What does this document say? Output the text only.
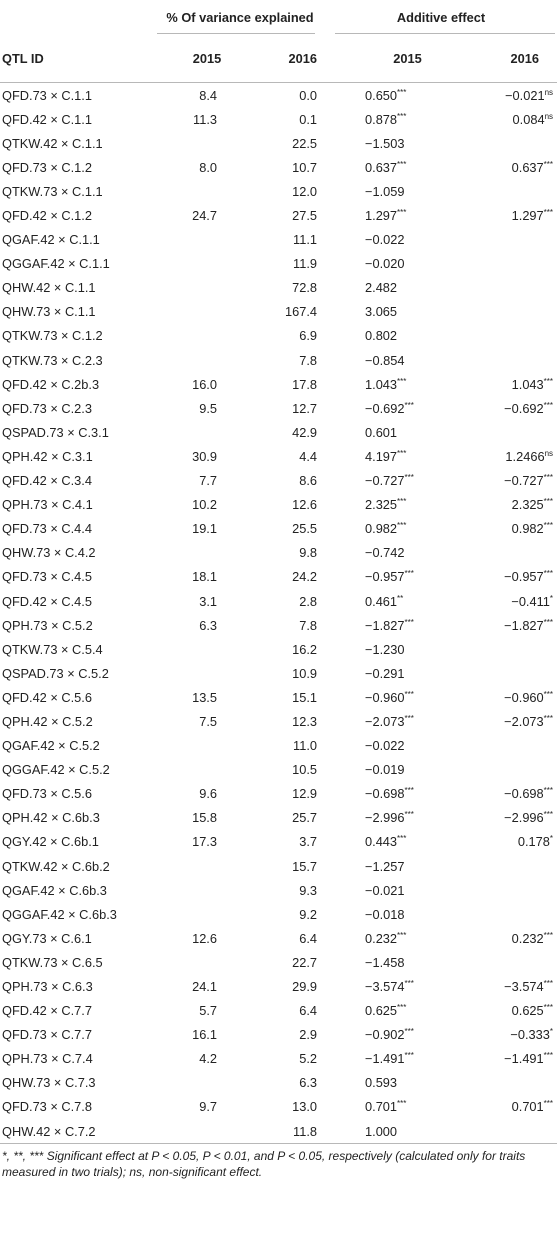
	% Of variance explained		Additive effect	
QTL ID	2015	2016	2015	2016
QFD.73 × C.1.1	8.4	0.0	0.650***	$-0.021^{ns}$
QFD.42 × C.1.1	11.3	0.1	0.878***	$0.084^{ns}$
QTKW.42 × C.1.1		22.5	−1.503	
QFD.73 × C.1.2	8.0	10.7	0.637***	0.637***
QTKW.73 × C.1.1		12.0	−1.059	
QFD.42 × C.1.2	24.7	27.5	1.297***	1.297***
QGAF.42 × C.1.1		11.1	−0.022	
QGGAF.42 × C.1.1		11.9	−0.020	
QHW.42 × C.1.1		72.8	2.482	
QHW.73 × C.1.1		167.4	3.065	
QTKW.73 × C.1.2		6.9	0.802	
QTKW.73 × C.2.3		7.8	−0.854	
QFD.42 × C.2b.3	16.0	17.8	1.043***	1.043***
QFD.73 × C.2.3	9.5	12.7	−0.692***	−0.692***
QSPAD.73 × C.3.1		42.9	0.601	
QPH.42 × C.3.1	30.9	4.4	4.197***	$1.2466^{ns}$
QFD.42 × C.3.4	7.7	8.6	−0.727***	−0.727***
QPH.73 × C.4.1	10.2	12.6	2.325***	2.325***
QFD.73 × C.4.4	19.1	25.5	0.982***	0.982***
QHW.73 × C.4.2		9.8	−0.742	
QFD.73 × C.4.5	18.1	24.2	−0.957***	−0.957***
QFD.42 × C.4.5	3.1	2.8	0.461**	−0.411*
QPH.73 × C.5.2	6.3	7.8	−1.827***	−1.827***
QTKW.73 × C.5.4		16.2	−1.230	
QSPAD.73 × C.5.2		10.9	−0.291	
QFD.42 × C.5.6	13.5	15.1	−0.960***	−0.960***
QPH.42 × C.5.2	7.5	12.3	−2.073***	−2.073***
QGAF.42 × C.5.2		11.0	−0.022	
QGGAF.42 × C.5.2		10.5	−0.019	
QFD.73 × C.5.6	9.6	12.9	−0.698***	−0.698***
QPH.42 × C.6b.3	15.8	25.7	−2.996***	−2.996***
QGY.42 × C.6b.1	17.3	3.7	0.443***	0.178*
QTKW.42 × C.6b.2		15.7	−1.257	
QGAF.42 × C.6b.3		9.3	−0.021	
QGGAF.42 × C.6b.3		9.2	−0.018	
QGY.73 × C.6.1	12.6	6.4	0.232***	0.232***
QTKW.73 × C.6.5		22.7	−1.458	
QPH.73 × C.6.3	24.1	29.9	−3.574***	−3.574***
QFD.42 × C.7.7	5.7	6.4	0.625***	0.625***
QFD.73 × C.7.7	16.1	2.9	−0.902***	−0.333*
QPH.73 × C.7.4	4.2	5.2	−1.491***	−1.491***
QHW.73 × C.7.3		6.3	0.593	
QFD.73 × C.7.8	9.7	13.0	0.701***	0.701***
QHW.42 × C.7.2		11.8	1.000	
*, **, *** Significant effect at P < 0.05, P < 0.01, and P < 0.05, respectively (calculated only for traits measured in two trials); ns, non-significant effect.
